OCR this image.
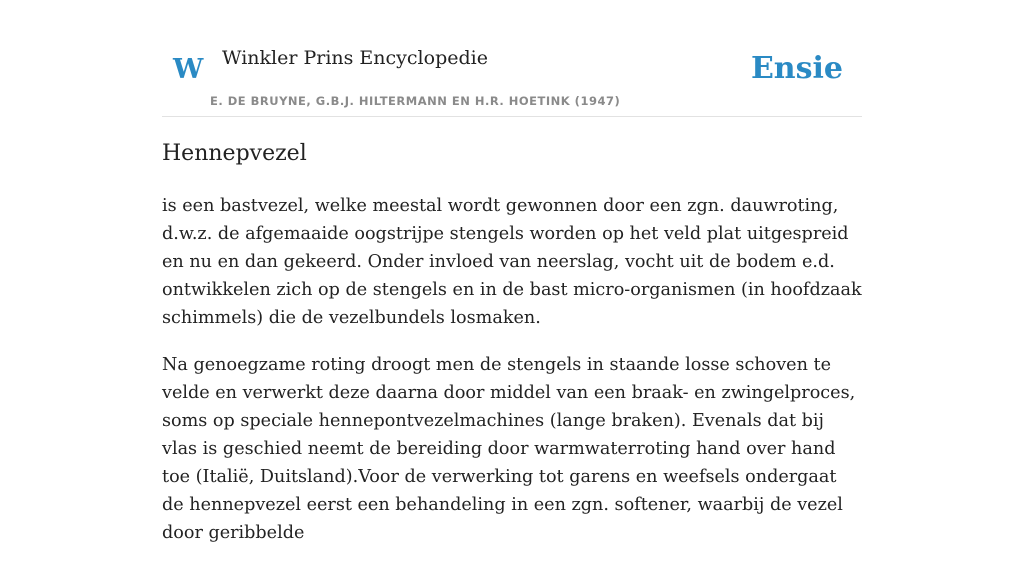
W Winkler Prins Encyclopedie
E. DE BRUYNE, G.B.J. HILTERMANN EN H.R. HOETINK (1947)
Ensie
Hennepvezel

is een bastvezel, welke meestal wordt gewonnen door een zgn. dauwroting, d.w.z. de afgemaaide oogstrijpe stengels worden op het veld plat uitgespreid en nu en dan gekeerd. Onder invloed van neerslag, vocht uit de bodem e.d. ontwikkelen zich op de stengels en in de bast micro-organismen (in hoofdzaak schimmels) die de vezelbundels losmaken.

Na genoegzame roting droogt men de stengels in staande losse schoven te velde en verwerkt deze daarna door middel van een braak- en zwingelproces, soms op speciale hennepontvezelmachines (lange braken). Evenals dat bij vlas is geschied neemt de bereiding door warmwaterroting hand over hand toe (Italië, Duitsland).Voor de verwerking tot garens en weefsels ondergaat de hennepvezel eerst een behandeling in een zgn. softener, waarbij de vezel door geribbelde
